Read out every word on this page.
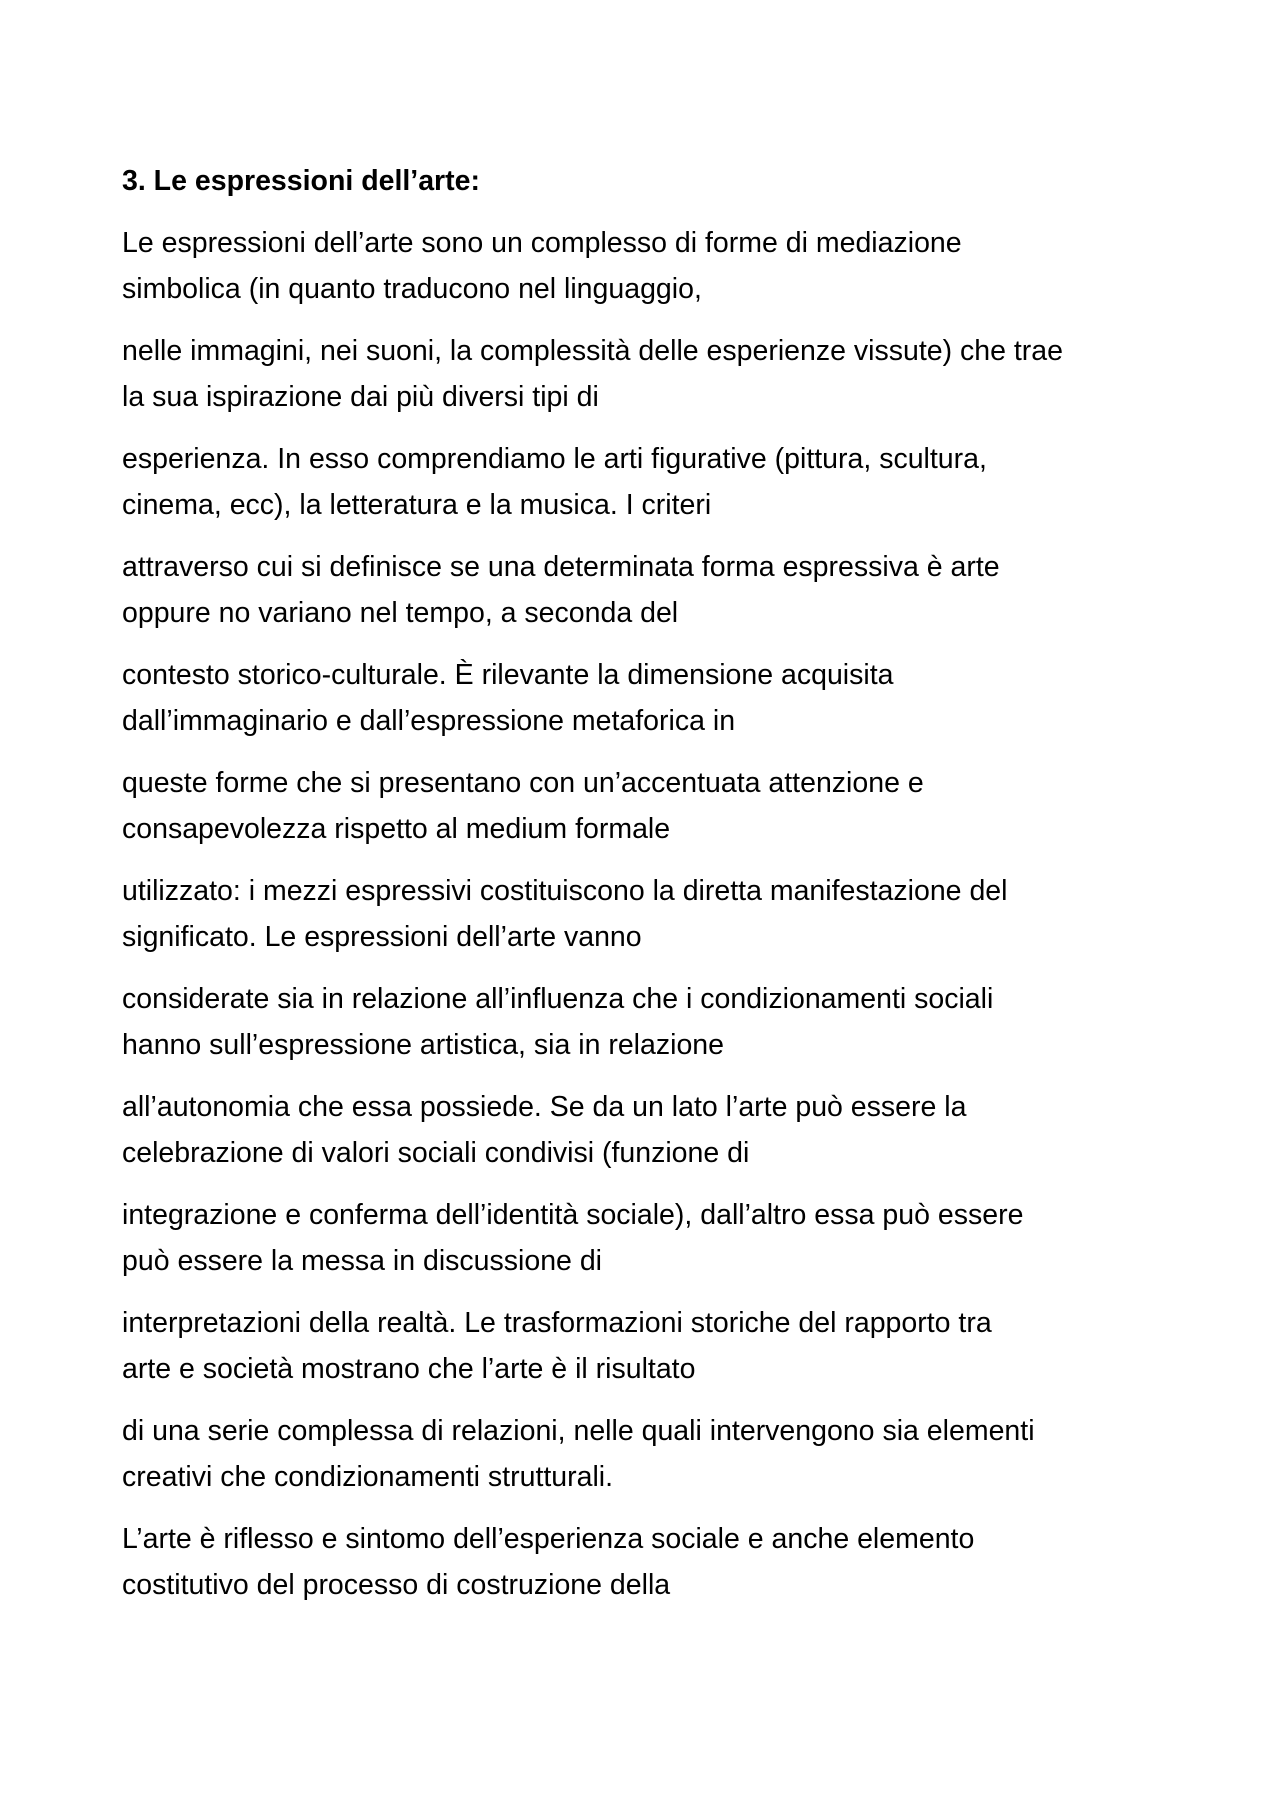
3. Le espressioni dell’arte:

Le espressioni dell’arte sono un complesso di forme di mediazione
simbolica (in quanto traducono nel linguaggio,

nelle immagini, nei suoni, la complessità delle esperienze vissute) che trae
la sua ispirazione dai più diversi tipi di

esperienza. In esso comprendiamo le arti figurative (pittura, scultura,
cinema, ecc), la letteratura e la musica. I criteri

attraverso cui si definisce se una determinata forma espressiva è arte
oppure no variano nel tempo, a seconda del

contesto storico-culturale. È rilevante la dimensione acquisita
dall’immaginario e dall’espressione metaforica in

queste forme che si presentano con un’accentuata attenzione e
consapevolezza rispetto al medium formale

utilizzato: i mezzi espressivi costituiscono la diretta manifestazione del
significato. Le espressioni dell’arte vanno

considerate sia in relazione all’influenza che i condizionamenti sociali
hanno sull’espressione artistica, sia in relazione

all’autonomia che essa possiede. Se da un lato l’arte può essere la
celebrazione di valori sociali condivisi (funzione di

integrazione e conferma dell’identità sociale), dall’altro essa può essere
può essere la messa in discussione di

interpretazioni della realtà. Le trasformazioni storiche del rapporto tra
arte e società mostrano che l’arte è il risultato

di una serie complessa di relazioni, nelle quali intervengono sia elementi
creativi che condizionamenti strutturali.

L’arte è riflesso e sintomo dell’esperienza sociale e anche elemento
costitutivo del processo di costruzione della
